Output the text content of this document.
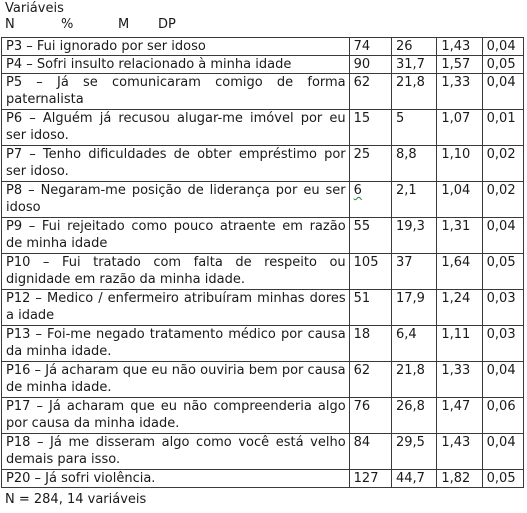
Variáveis
N	%	M	DP
P3 – Fui ignorado por ser idoso	74	26	1,43	0,04
P4 – Sofri insulto relacionado à minha idade	90	31,7	1,57	0,05
P5 – Já se comunicaram comigo de forma paternalista	62	21,8	1,33	0,04
P6 – Alguém já recusou alugar-me imóvel por eu ser idoso.	15	5	1,07	0,01
P7 – Tenho dificuldades de obter empréstimo por ser idoso.	25	8,8	1,10	0,02
P8 – Negaram-me posição de liderança por eu ser idoso	6	2,1	1,04	0,02
P9 – Fui rejeitado como pouco atraente em razão de minha idade	55	19,3	1,31	0,04
P10 – Fui tratado com falta de respeito ou dignidade em razão da minha idade.	105	37	1,64	0,05
P12 – Medico / enfermeiro atribuíram minhas dores a idade	51	17,9	1,24	0,03
P13 – Foi-me negado tratamento médico por causa da minha idade.	18	6,4	1,11	0,03
P16 – Já acharam que eu não ouviria bem por causa de minha idade.	62	21,8	1,33	0,04
P17 – Já acharam que eu não compreenderia algo por causa da minha idade.	76	26,8	1,47	0,06
P18 – Já me disseram algo como você está velho demais para isso.	84	29,5	1,43	0,04
P20 – Já sofri violência.	127	44,7	1,82	0,05
N = 284, 14 variáveis
